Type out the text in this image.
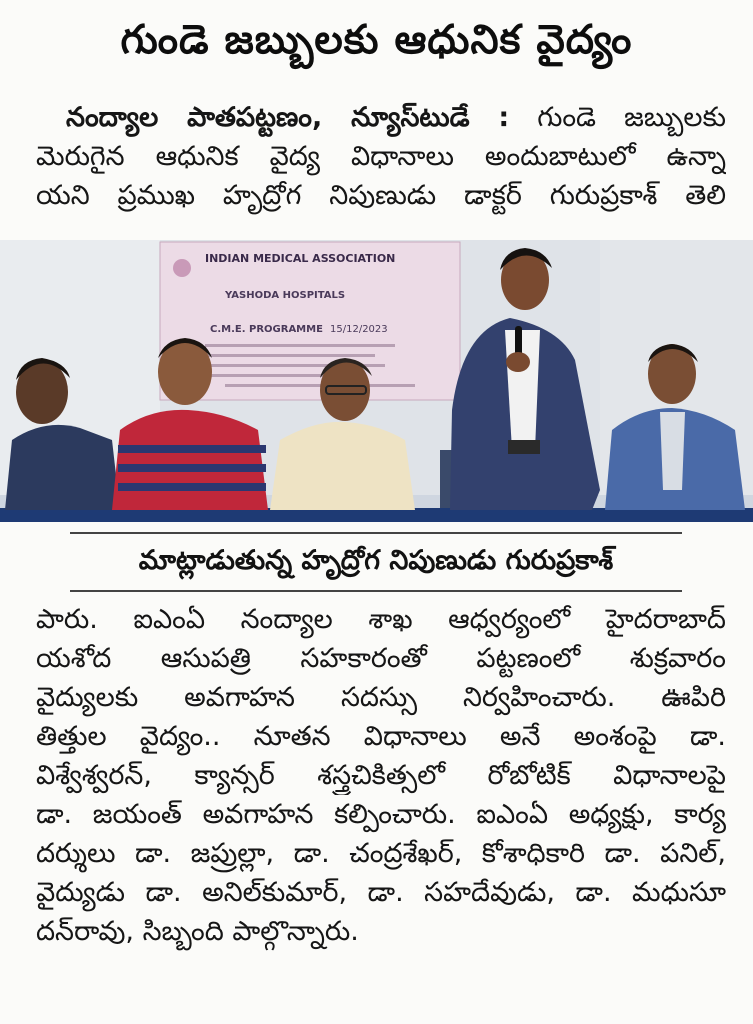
గుండె జబ్బులకు ఆధునిక వైద్యం
నంద్యాల పాతపట్టణం, న్యూస్‌టుడే : గుండె జబ్బులకు
మెరుగైన ఆధునిక వైద్య విధానాలు అందుబాటులో ఉన్నా
యని ప్రముఖ హృద్రోగ నిపుణుడు డాక్టర్ గురుప్రకాశ్ తెలి
INDIAN MEDICAL ASSOCIATION
YASHODA HOSPITALS
C.M.E. PROGRAMME 15/12/2023
మాట్లాడుతున్న హృద్రోగ నిపుణుడు గురుప్రకాశ్
పారు. ఐఎంఏ నంద్యాల శాఖ ఆధ్వర్యంలో హైదరాబాద్
యశోద ఆసుపత్రి సహకారంతో పట్టణంలో శుక్రవారం
వైద్యులకు అవగాహన సదస్సు నిర్వహించారు. ఊపిరి
తిత్తుల వైద్యం.. నూతన విధానాలు అనే అంశంపై డా.
విశ్వేశ్వరన్, క్యాన్సర్ శస్త్రచికిత్సలో రోబోటిక్ విధానాలపై
డా. జయంత్ అవగాహన కల్పించారు. ఐఎంఏ అధ్యక్షు, కార్య
దర్శులు డా. జప్రుల్లా, డా. చంద్రశేఖర్, కోశాధికారి డా. పనిల్,
వైద్యుడు డా. అనిల్‌కుమార్, డా. సహదేవుడు, డా. మధుసూ
దన్‌రావు, సిబ్బంది పాల్గొన్నారు.
